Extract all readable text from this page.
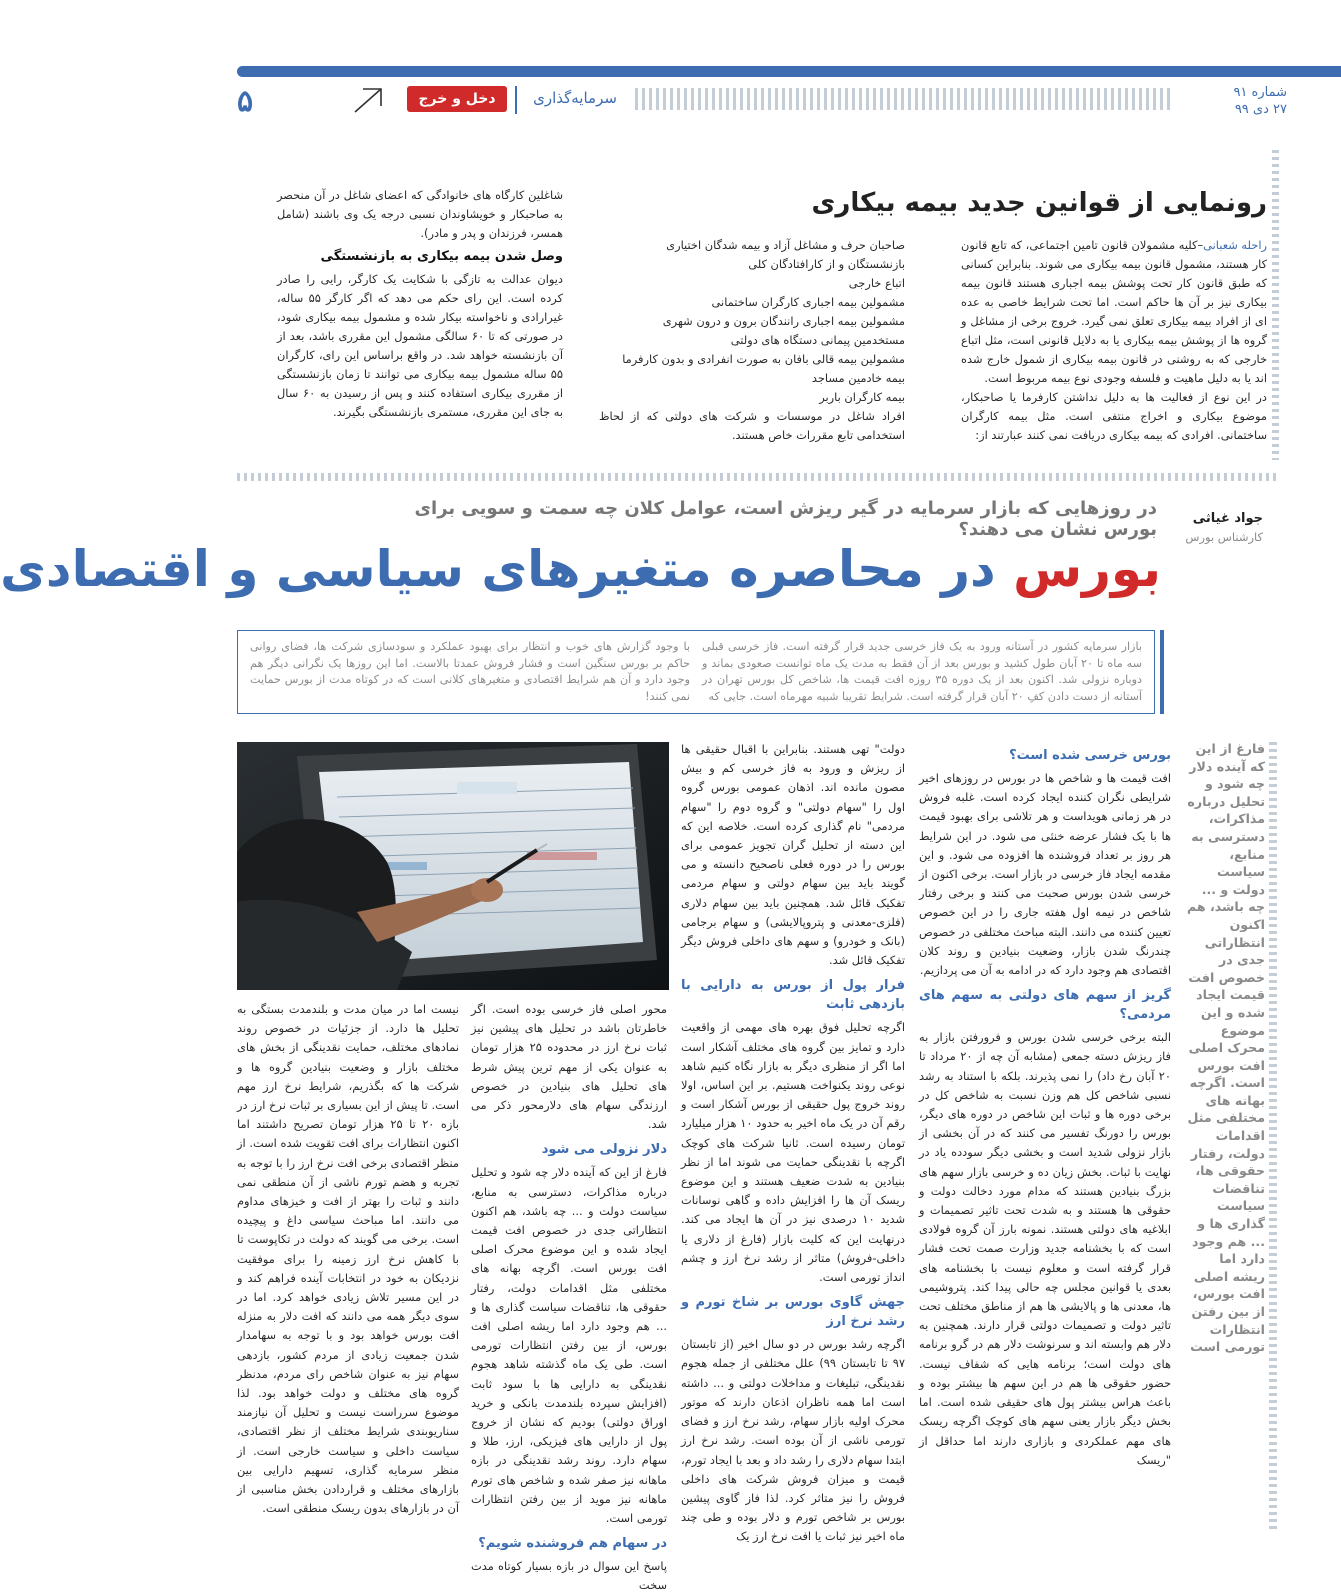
۵	دخل و خرج	سرمایه‌گذاری	شماره ۹۱
۲۷ دی ۹۹
رونمایی از قوانین جدید بیمه بیکاری

راحله شعبانی–کلیه مشمولان قانون تامین اجتماعی، که تابع قانون کار هستند، مشمول قانون بیمه بیکاری می شوند. بنابراین کسانی که طبق قانون کار تحت پوشش بیمه اجباری هستند قانون بیمه بیکاری نیز بر آن ها حاکم است. اما تحت شرایط خاصی به عده ای از افراد بیمه بیکاری تعلق نمی گیرد. خروج برخی از مشاغل و گروه ها از پوشش بیمه بیکاری یا به دلایل قانونی است، مثل اتباع خارجی که به روشنی در قانون بیمه بیکاری از شمول خارج شده اند یا به دلیل ماهیت و فلسفه وجودی نوع بیمه مربوط است.

در این نوع از فعالیت ها به دلیل نداشتن کارفرما یا صاحبکار، موضوع بیکاری و اخراج منتفی است. مثل بیمه کارگران ساختمانی. افرادی که بیمه بیکاری دریافت نمی کنند عبارتند از:

صاحبان حرف و مشاغل آزاد و بیمه شدگان اختیاری
بازنشستگان و از کارافتادگان کلی
اتباع خارجی
مشمولین بیمه اجباری کارگران ساختمانی
مشمولین بیمه اجباری رانندگان برون و درون شهری
مستخدمین پیمانی دستگاه های دولتی
مشمولین بیمه قالی بافان به صورت انفرادی و بدون کارفرما
بیمه خادمین مساجد
بیمه کارگران باربر

افراد شاغل در موسسات و شرکت های دولتی که از لحاظ استخدامی تابع مقررات خاص هستند.

شاغلین کارگاه های خانوادگی که اعضای شاغل در آن منحصر به صاحبکار و خویشاوندان نسبی درجه یک وی باشند (شامل همسر، فرزندان و پدر و مادر).

وصل شدن بیمه بیکاری به بازنشستگی

دیوان عدالت به تازگی با شکایت یک کارگر، رایی را صادر کرده است. این رای حکم می دهد که اگر کارگر ۵۵ ساله، غیرارادی و ناخواسته بیکار شده و مشمول بیمه بیکاری شود، در صورتی که تا ۶۰ سالگی مشمول این مقرری باشد، بعد از آن بازنشسته خواهد شد. در واقع براساس این رای، کارگران ۵۵ ساله مشمول بیمه بیکاری می توانند تا زمان بازنشستگی از مقرری بیکاری استفاده کنند و پس از رسیدن به ۶۰ سال به جای این مقرری، مستمری بازنشستگی بگیرند.

جواد غیاثی
کارشناس بورس
در روزهایی که بازار سرمایه در گیر ریزش است، عوامل کلان چه سمت و سویی برای بورس نشان می دهند؟
بورس در محاصره متغیرهای سیاسی و اقتصادی
بازار سرمایه کشور در آستانه ورود به یک فاز خرسی جدید قرار گرفته است. فاز خرسی قبلی سه ماه تا ۲۰ آبان طول کشید و بورس بعد از آن فقط به مدت یک ماه توانست صعودی بماند و دوباره نزولی شد. اکنون بعد از یک دوره ۳۵ روزه افت قیمت ها، شاخص کل بورس تهران در آستانه از دست دادن کفِ ۲۰ آبان قرار گرفته است. شرایط تقریبا شبیه مهرماه است. جایی که
با وجود گزارش های خوب و انتظار برای بهبود عملکرد و سودسازی شرکت ها، فضای روانی حاکم بر بورس سنگین است و فشار فروش عمدتا بالاست. اما این روزها یک نگرانی دیگر هم وجود دارد و آن هم شرایط اقتصادی و متغیرهای کلانی است که در کوتاه مدت از بورس حمایت نمی کنند!
فارغ از این که آینده دلار چه شود و تحلیل درباره مذاکرات، دسترسی به منابع، سیاست دولت و ... چه باشد، هم اکنون انتظاراتی جدی در خصوص افت قیمت ایجاد شده و این موضوع محرک اصلی افت بورس است. اگرچه بهانه های مختلفی مثل اقدامات دولت، رفتار حقوقی ها، تناقضات سیاست گذاری ها و ... هم وجود دارد اما ریشه اصلی افت بورس، از بین رفتن انتظارات تورمی است
بورس خرسی شده است؟

افت قیمت ها و شاخص ها در بورس در روزهای اخیر شرایطی نگران کننده ایجاد کرده است. غلبه فروش در هر زمانی هویداست و هر تلاشی برای بهبود قیمت ها با یک فشار عرضه خنثی می شود. در این شرایط هر روز بر تعداد فروشنده ها افزوده می شود. و این مقدمه ایجاد فاز خرسی در بازار است. برخی اکنون از خرسی شدن بورس صحبت می کنند و برخی رفتار شاخص در نیمه اول هفته جاری را در این خصوص تعیین کننده می دانند. البته مباحث مختلفی در خصوص چندرنگ شدن بازار، وضعیت بنیادین و روند کلان اقتصادی هم وجود دارد که در ادامه به آن می پردازیم.

گریز از سهم های دولتی به سهم های مردمی؟

البته برخی خرسی شدن بورس و فرورفتن بازار به فاز ریزش دسته جمعی (مشابه آن چه از ۲۰ مرداد تا ۲۰ آبان رخ داد) را نمی پذیرند. بلکه با استناد به رشد نسبی شاخص کل هم وزن نسبت به شاخص کل در برخی دوره ها و ثبات این شاخص در دوره های دیگر، بورس را دورنگ تفسیر می کنند که در آن بخشی از بازار نزولی شدید است و بخشی دیگر سودده یاد در نهایت با ثبات. بخش زیان ده و خرسی بازار سهم های بزرگ بنیادین هستند که مدام مورد دخالت دولت و حقوقی ها هستند و به شدت تحت تاثیر تصمیمات و ابلاغیه های دولتی هستند. نمونه بارز آن گروه فولادی است که با بخشنامه جدید وزارت صمت تحت فشار قرار گرفته است و معلوم نیست با بخشنامه های بعدی یا قوانین مجلس چه حالی پیدا کند. پتروشیمی ها، معدنی ها و پالایشی ها هم از مناطق مختلف تحت تاثیر دولت و تصمیمات دولتی قرار دارند. همچنین به دلار هم وابسته اند و سرنوشت دلار هم در گرو برنامه های دولت است؛ برنامه هایی که شفاف نیست. حضور حقوقی ها هم در این سهم ها بیشتر بوده و باعث هراس بیشتر پول های حقیقی شده است. اما بخش دیگر بازار یعنی سهم های کوچک اگرچه ریسک های مهم عملکردی و بازاری دارند اما حداقل از "ریسک

دولت" تهی هستند. بنابراین با اقبال حقیقی ها از ریزش و ورود به فاز خرسی کم و بیش مصون مانده اند. اذهان عمومی بورس گروه اول را "سهام دولتی" و گروه دوم را "سهام مردمی" نام گذاری کرده است. خلاصه این که این دسته از تحلیل گران تجویز عمومی برای بورس را در دوره فعلی ناصحیح دانسته و می گویند باید بین سهام دولتی و سهام مردمی تفکیک قائل شد. همچنین باید بین سهام دلاری (فلزی-معدنی و پتروپالایشی) و سهام برجامی (بانک و خودرو) و سهم های داخلی فروش دیگر تفکیک قائل شد.

فرار پول از بورس به دارایی با بازدهی ثابت

اگرچه تحلیل فوق بهره های مهمی از واقعیت دارد و تمایز بین گروه های مختلف آشکار است اما اگر از منظری دیگر به بازار نگاه کنیم شاهد نوعی روند یکنواخت هستیم. بر این اساس، اولا روند خروج پول حقیقی از بورس آشکار است و رقم آن در یک ماه اخیر به حدود ۱۰ هزار میلیارد تومان رسیده است. ثانیا شرکت های کوچک اگرچه با نقدینگی حمایت می شوند اما از نظر بنیادین به شدت ضعیف هستند و این موضوع ریسک آن ها را افزایش داده و گاهی نوسانات شدید ۱۰ درصدی نیز در آن ها ایجاد می کند. درنهایت این که کلیت بازار (فارغ از دلاری یا داخلی-فروش) متاثر از رشد نرخ ارز و چشم انداز تورمی است.

جهش گاوی بورس بر شاخ تورم و رشد نرخ ارز

اگرچه رشد بورس در دو سال اخیر (از تابستان ۹۷ تا تابستان ۹۹) علل مختلفی از جمله هجوم نقدینگی، تبلیغات و مداخلات دولتی و ... داشته است اما همه ناظران اذعان دارند که موتور محرک اولیه بازار سهام، رشد نرخ ارز و فضای تورمی ناشی از آن بوده است. رشد نرخ ارز ابتدا سهام دلاری را رشد داد و بعد با ایجاد تورم، قیمت و میزان فروش شرکت های داخلی فروش را نیز متاثر کرد. لذا فاز گاوی پیشین بورس بر شاخص تورم و دلار بوده و طی چند ماه اخیر نیز ثبات یا افت نرخ ارز یک

محور اصلی فاز خرسی بوده است. اگر خاطرتان باشد در تحلیل های پیشین نیز ثبات نرخ ارز در محدوده ۲۵ هزار تومان به عنوان یکی از مهم ترین پیش شرط های تحلیل های بنیادین در خصوص ارزندگی سهام های دلارمحور ذکر می شد.

دلار نزولی می شود

فارغ از این که آینده دلار چه شود و تحلیل درباره مذاکرات، دسترسی به منابع، سیاست دولت و ... چه باشد، هم اکنون انتظاراتی جدی در خصوص افت قیمت ایجاد شده و این موضوع محرک اصلی افت بورس است. اگرچه بهانه های مختلفی مثل اقدامات دولت، رفتار حقوقی ها، تناقضات سیاست گذاری ها و ... هم وجود دارد اما ریشه اصلی افت بورس، از بین رفتن انتظارات تورمی است. طی یک ماه گذشته شاهد هجوم نقدینگی به دارایی ها با سود ثابت (افزایش سپرده بلندمدت بانکی و خرید اوراق دولتی) بودیم که نشان از خروج پول از دارایی های فیزیکی، ارز، طلا و سهام دارد. روند رشد نقدینگی در بازه ماهانه نیز صفر شده و شاخص های تورم ماهانه نیز موید از بین رفتن انتظارات تورمی است.

در سهام هم فروشنده شویم؟

پاسخ این سوال در بازه بسیار کوتاه مدت سخت

نیست اما در میان مدت و بلندمدت بستگی به تحلیل ها دارد. از جزئیات در خصوص روند نمادهای مختلف، حمایت نقدینگی از بخش های مختلف بازار و وضعیت بنیادین گروه ها و شرکت ها که بگذریم، شرایط نرخ ارز مهم است. تا پیش از این بسیاری بر ثبات نرخ ارز در بازه ۲۰ تا ۲۵ هزار تومان تصریح داشتند اما اکنون انتظارات برای افت تقویت شده است. از منظر اقتصادی برخی افت نرخ ارز را با توجه به تجربه و هضم تورم ناشی از آن منطقی نمی دانند و ثبات را بهتر از افت و خیزهای مداوم می دانند. اما مباحث سیاسی داغ و پیچیده است. برخی می گویند که دولت در تکاپوست تا با کاهش نرخ ارز زمینه را برای موفقیت نزدیکان به خود در انتخابات آینده فراهم کند و در این مسیر تلاش زیادی خواهد کرد. اما در سوی دیگر همه می دانند که افت دلار به منزله افت بورس خواهد بود و با توجه به سهامدار شدن جمعیت زیادی از مردم کشور، بازدهی سهام نیز به عنوان شاخص رای مردم، مدنظر گروه های مختلف و دولت خواهد بود. لذا موضوع سرراست نیست و تحلیل آن نیازمند سناریوبندی شرایط مختلف از نظر اقتصادی، سیاست داخلی و سیاست خارجی است. از منظر سرمایه گذاری، تسهیم دارایی بین بازارهای مختلف و قراردادن بخش مناسبی از آن در بازارهای بدون ریسک منطقی است.
